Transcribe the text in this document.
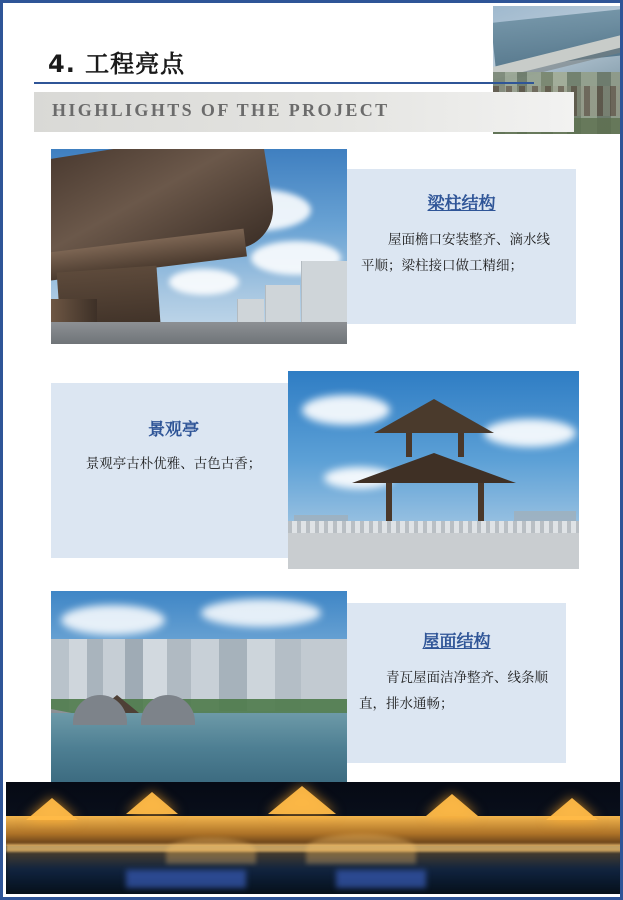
4. 工程亮点
HIGHLIGHTS OF THE PROJECT
梁柱结构
屋面檐口安装整齐、滴水线平顺；梁柱接口做工精细；
景观亭
景观亭古朴优雅、古色古香；
屋面结构
青瓦屋面洁净整齐、线条顺直，排水通畅；
